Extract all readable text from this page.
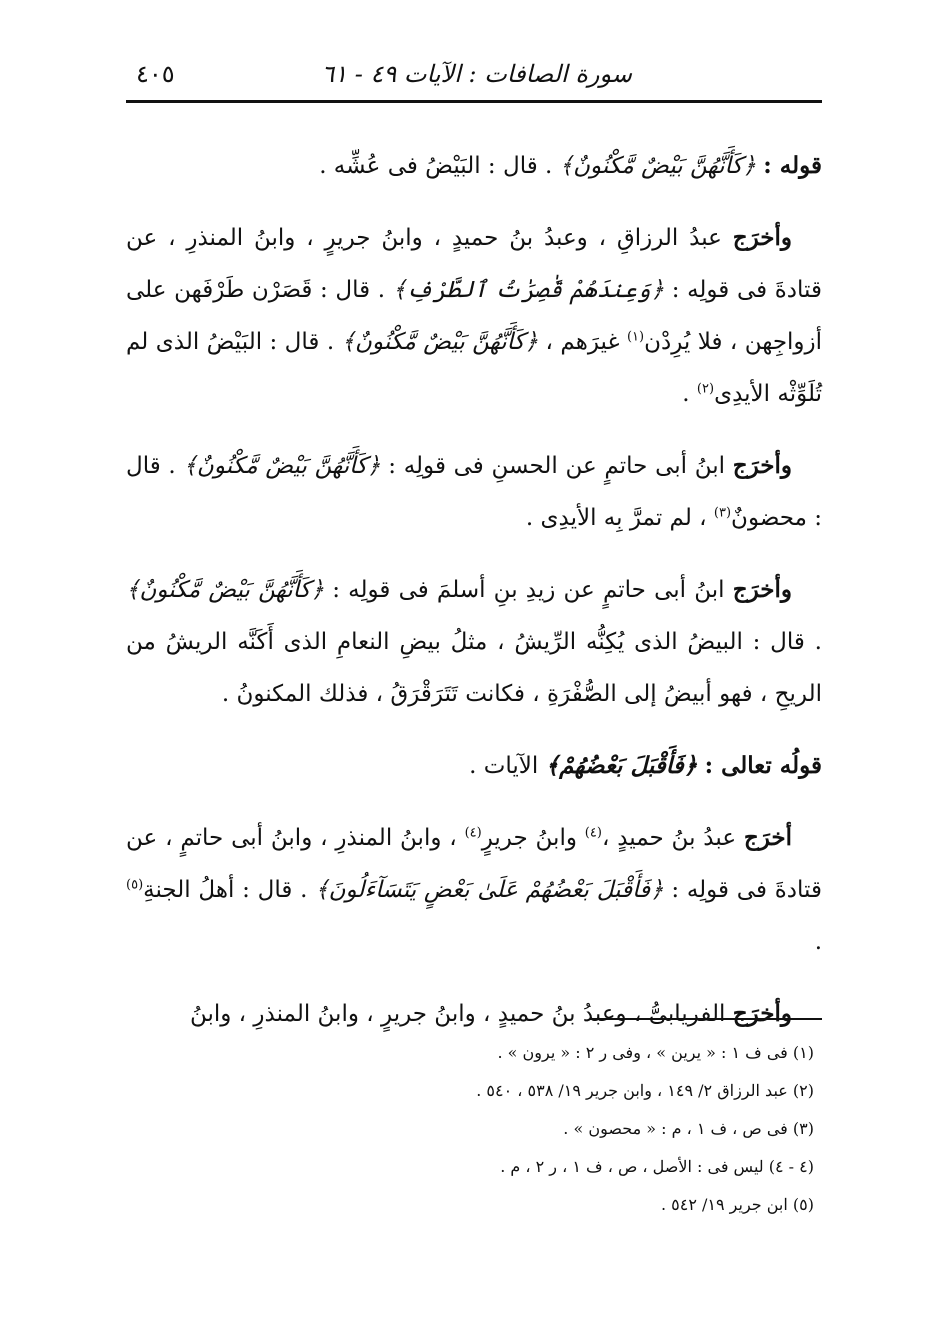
سورة الصافات : الآيات ٤٩ - ٦١
٤٠٥

قوله : ﴿كَأَنَّهُنَّ بَيْضٌ مَّكْنُونٌ﴾ . قال : البَيْضُ فى عُشِّه .

وأخرَج عبدُ الرزاقِ ، وعبدُ بنُ حميدٍ ، وابنُ جريرٍ ، وابنُ المنذرِ ، عن قتادةَ فى قولِه : ﴿وَعِندَهُمْ قَٰصِرَٰتُ ٱلطَّرْفِ﴾ . قال : قَصَرْن طَرْفَهن على أزواجِهن ، فلا يُرِدْن$^{(١)}$ غيرَهم ، ﴿كَأَنَّهُنَّ بَيْضٌ مَّكْنُونٌ﴾ . قال : البَيْضُ الذى لم تُلَوِّثْه الأيدِى$^{(٢)}$ .

وأخرَج ابنُ أبى حاتمٍ عن الحسنِ فى قولِه : ﴿كَأَنَّهُنَّ بَيْضٌ مَّكْنُونٌ﴾ . قال : محضونٌ$^{(٣)}$ ، لم تمرَّ بِه الأيدِى .

وأخرَج ابنُ أبى حاتمٍ عن زيدِ بنِ أسلمَ فى قولِه : ﴿كَأَنَّهُنَّ بَيْضٌ مَّكْنُونٌ﴾ . قال : البيضُ الذى يُكِنُّه الرِّيشُ ، مثلُ بيضِ النعامِ الذى أَكَنَّه الريشُ من الريحِ ، فهو أبيضُ إلى الصُّفْرَةِ ، فكانت تَتَرَقْرَقُ ، فذلك المكنونُ .

قولُه تعالى : ﴿فَأَقْبَلَ بَعْضُهُمْ﴾ الآيات .

أخرَج عبدُ بنُ حميدٍ ،$^{(٤)}$ وابنُ جريرٍ$^{(٤)}$ ، وابنُ المنذرِ ، وابنُ أبى حاتمٍ ، عن قتادةَ فى قولِه : ﴿فَأَقْبَلَ بَعْضُهُمْ عَلَىٰ بَعْضٍ يَتَسَآءَلُونَ﴾ . قال : أهلُ الجنةِ$^{(٥)}$ .

وأخرَج الفريابىُّ ، وعبدُ بنُ حميدٍ ، وابنُ جريرٍ ، وابنُ المنذرِ ، وابنُ

(١) فى ف ١ : « يرين » ، وفى ر ٢ : « يرون » .

(٢) عبد الرزاق ٢/ ١٤٩ ، وابن جرير ١٩/ ٥٣٨ ، ٥٤٠ .

(٣) فى ص ، ف ١ ، م : « محصون » .

(٤ - ٤) ليس فى : الأصل ، ص ، ف ١ ، ر ٢ ، م .

(٥) ابن جرير ١٩/ ٥٤٢ .
